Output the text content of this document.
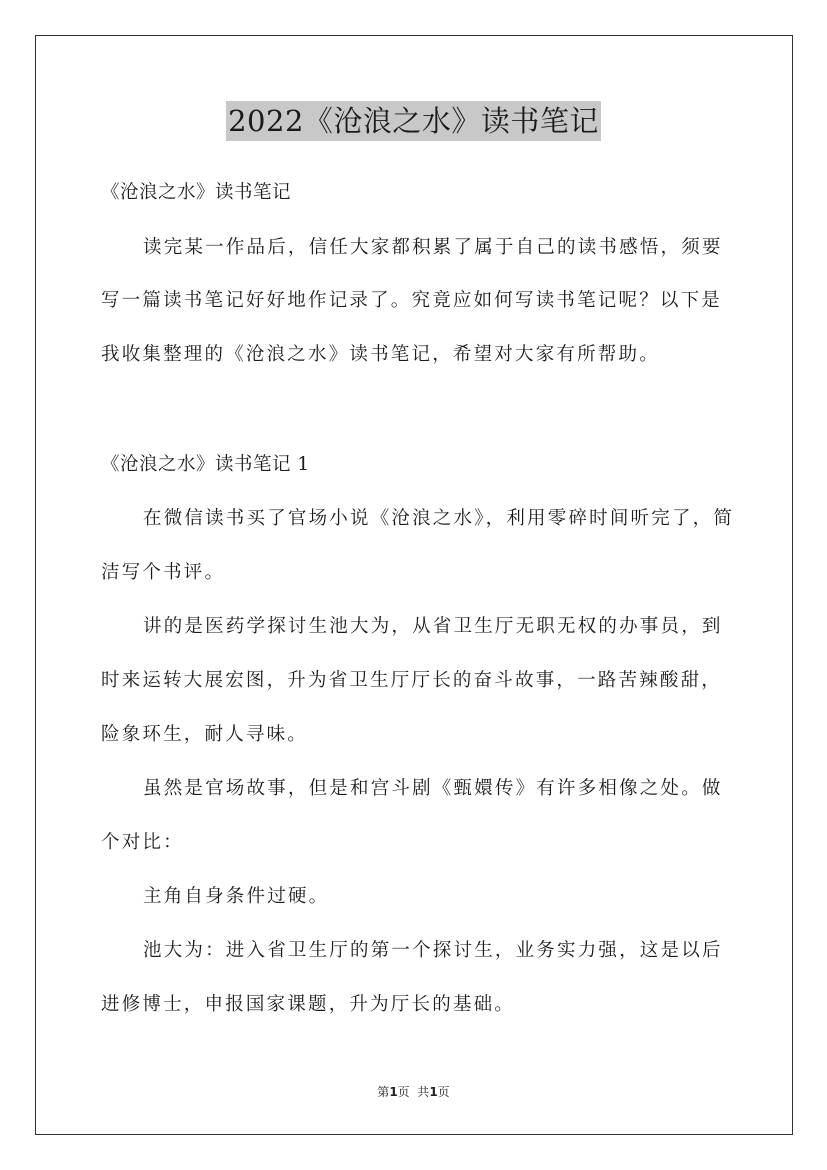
2022《沧浪之水》读书笔记
《沧浪之水》读书笔记
读完某一作品后，信任大家都积累了属于自己的读书感悟，须要
写一篇读书笔记好好地作记录了。究竟应如何写读书笔记呢？以下是
我收集整理的《沧浪之水》读书笔记，希望对大家有所帮助。
《沧浪之水》读书笔记 1
在微信读书买了官场小说《沧浪之水》，利用零碎时间听完了，简
洁写个书评。
讲的是医药学探讨生池大为，从省卫生厅无职无权的办事员，到
时来运转大展宏图，升为省卫生厅厅长的奋斗故事，一路苦辣酸甜，
险象环生，耐人寻味。
虽然是官场故事，但是和宫斗剧《甄嬛传》有许多相像之处。做
个对比：
主角自身条件过硬。
池大为：进入省卫生厅的第一个探讨生，业务实力强，这是以后
进修博士，申报国家课题，升为厅长的基础。
第1页  共1页
